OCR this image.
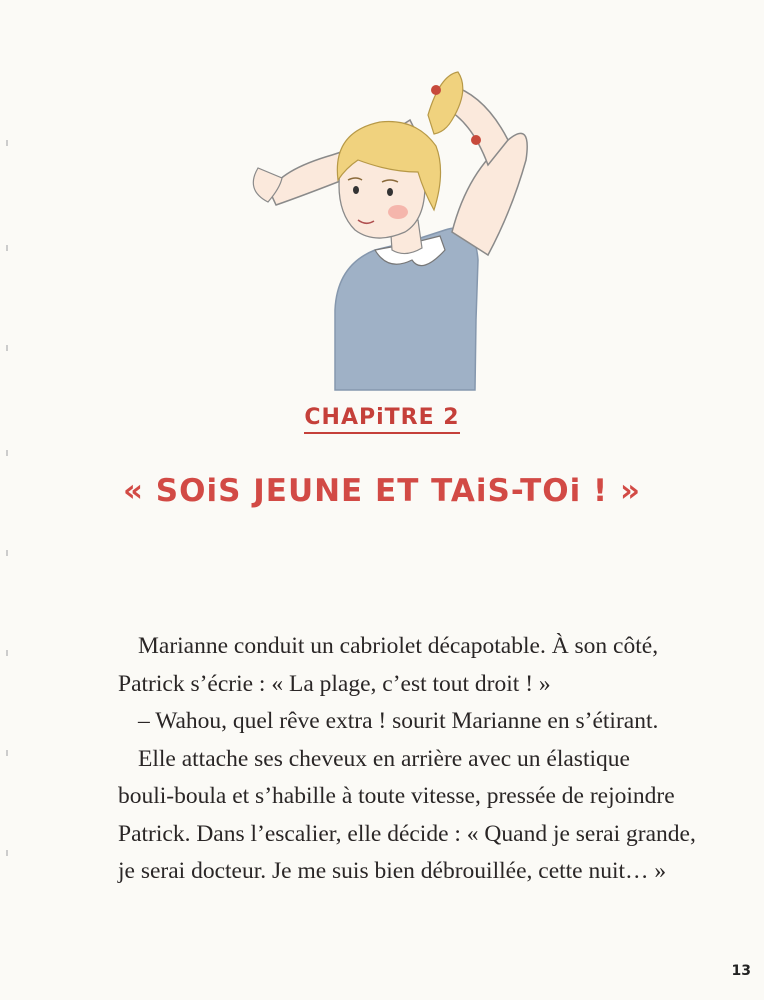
CHAPiTRE 2
« SOiS JEUNE ET TAiS-TOi ! »

Marianne conduit un cabriolet décapotable. À son côté,

Patrick s’écrie : « La plage, c’est tout droit ! »

– Wahou, quel rêve extra ! sourit Marianne en s’étirant.

Elle attache ses cheveux en arrière avec un élastique

bouli-boula et s’habille à toute vitesse, pressée de rejoindre

Patrick. Dans l’escalier, elle décide : « Quand je serai grande,

je serai docteur. Je me suis bien débrouillée, cette nuit… »

13
